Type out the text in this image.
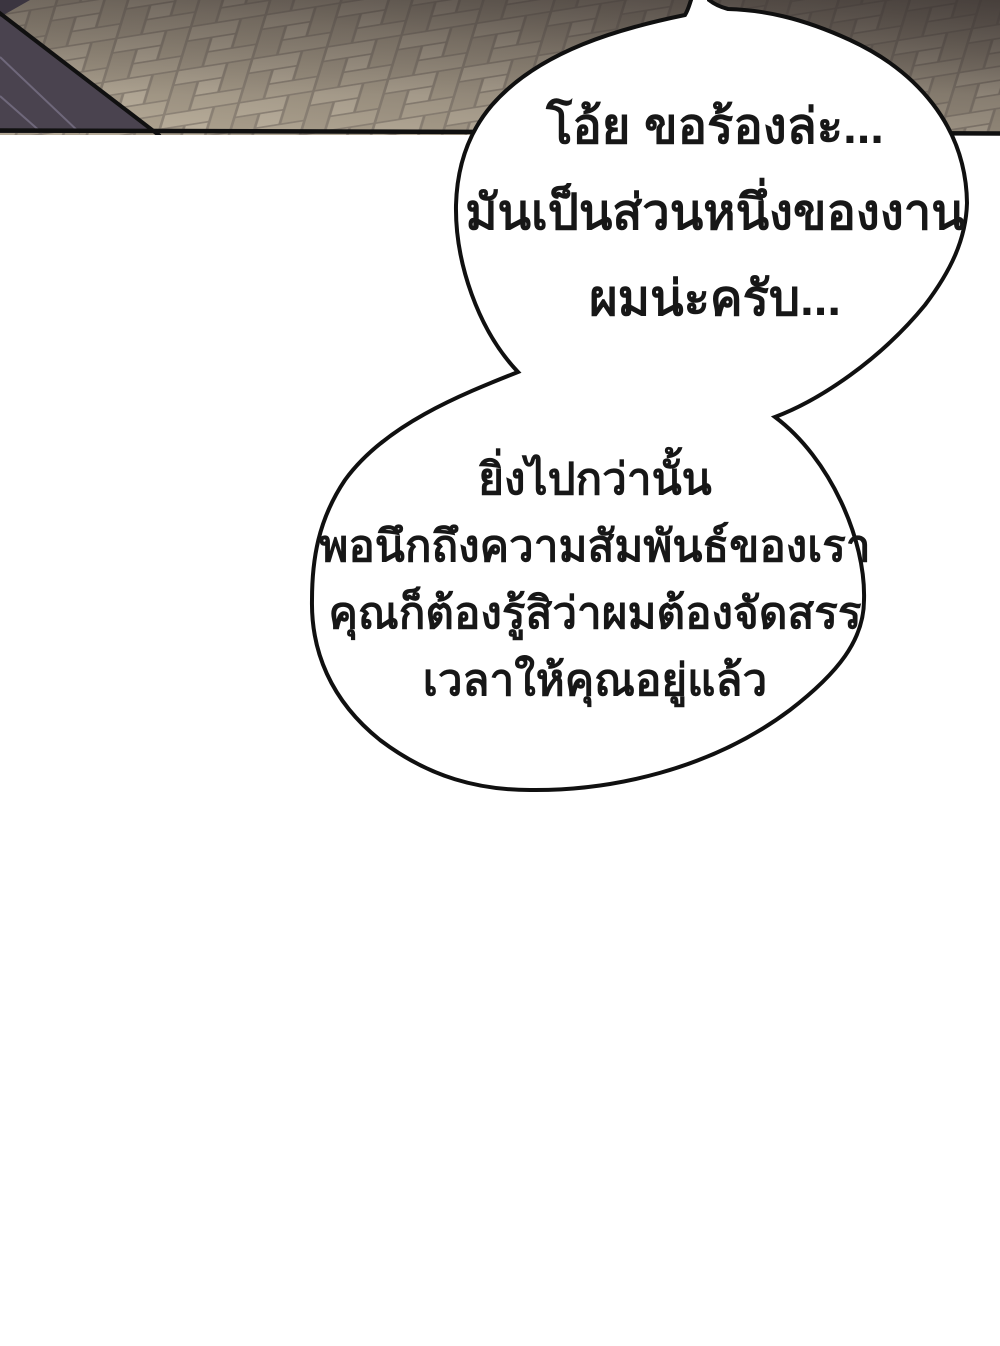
โอ้ย ขอร้องล่ะ...
มันเป็นส่วนหนึ่งของงาน
ผมน่ะครับ...
ยิ่งไปกว่านั้น
พอนึกถึงความสัมพันธ์ของเรา
คุณก็ต้องรู้สิว่าผมต้องจัดสรร
เวลาให้คุณอยู่แล้ว
